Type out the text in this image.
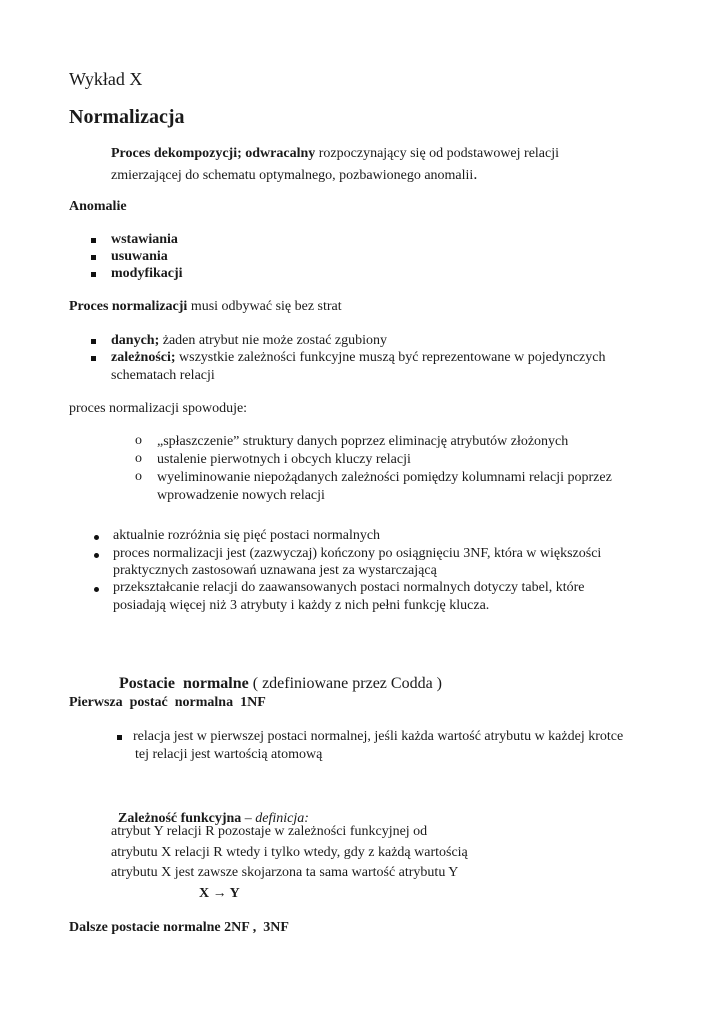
Wykład X
Normalizacja
Proces dekompozycji; odwracalny rozpoczynający się od podstawowej relacji
zmierzającej do schematu optymalnego, pozbawionego anomalii.
Anomalie
wstawiania
usuwania
modyfikacji
Proces normalizacji musi odbywać się bez strat
danych; żaden atrybut nie może zostać zgubiony
zależności; wszystkie zależności funkcyjne muszą być reprezentowane w pojedynczych
schematach relacji
proces normalizacji spowoduje:
o „spłaszczenie” struktury danych poprzez eliminację atrybutów złożonych
o ustalenie pierwotnych i obcych kluczy relacji
o wyeliminowanie niepożądanych zależności pomiędzy kolumnami relacji poprzez
wprowadzenie nowych relacji
aktualnie rozróżnia się pięć postaci normalnych
proces normalizacji jest (zazwyczaj) kończony po osiągnięciu 3NF, która w większości
praktycznych zastosowań uznawana jest za wystarczającą
przekształcanie relacji do zaawansowanych postaci normalnych dotyczy tabel, które
posiadają więcej niż 3 atrybuty i każdy z nich pełni funkcję klucza.

Postacie  normalne ( zdefiniowane przez Codda )

Pierwsza  postać  normalna  1NF
relacja jest w pierwszej postaci normalnej, jeśli każda wartość atrybutu w każdej krotce
tej relacji jest wartością atomową

Zależność funkcyjna – definicja:

atrybut Y relacji R pozostaje w zależności funkcyjnej od
atrybutu X relacji R wtedy i tylko wtedy, gdy z każdą wartością
atrybutu X jest zawsze skojarzona ta sama wartość atrybutu Y
X → Y
Dalsze postacie normalne 2NF ,  3NF
